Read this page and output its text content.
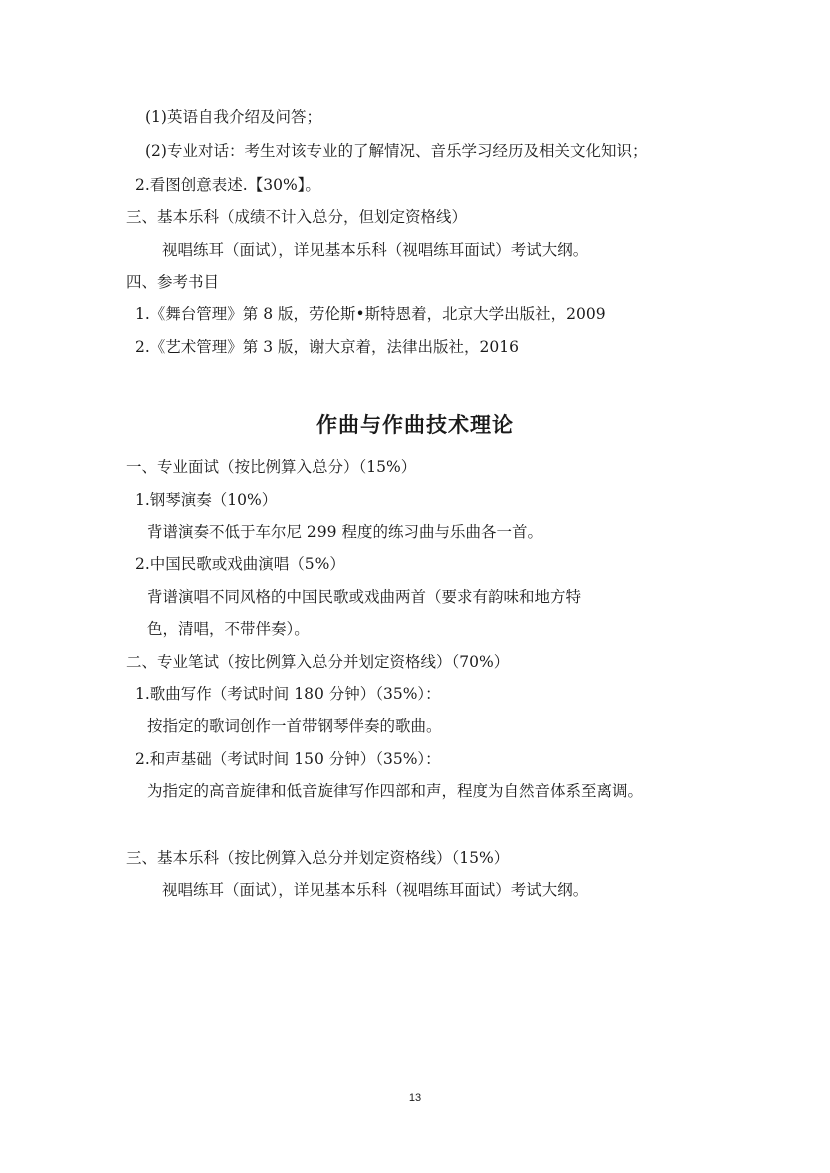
(1)英语自我介绍及问答；
(2)专业对话：考生对该专业的了解情况、音乐学习经历及相关文化知识；
2.看图创意表述.【30%】。
三、基本乐科（成绩不计入总分，但划定资格线）
视唱练耳（面试），详见基本乐科（视唱练耳面试）考试大纲。
四、参考书目
1.《舞台管理》第 8 版，劳伦斯•斯特恩着，北京大学出版社，2009
2.《艺术管理》第 3 版，谢大京着，法律出版社，2016
作曲与作曲技术理论
一、专业面试（按比例算入总分）（15%）
1.钢琴演奏（10%）
背谱演奏不低于车尔尼 299 程度的练习曲与乐曲各一首。
2.中国民歌或戏曲演唱（5%）
背谱演唱不同风格的中国民歌或戏曲两首（要求有韵味和地方特
色，清唱，不带伴奏）。
二、专业笔试（按比例算入总分并划定资格线）（70%）
1.歌曲写作（考试时间 180 分钟）（35%）：
按指定的歌词创作一首带钢琴伴奏的歌曲。
2.和声基础（考试时间 150 分钟）（35%）：
为指定的高音旋律和低音旋律写作四部和声，程度为自然音体系至离调。
三、基本乐科（按比例算入总分并划定资格线）（15%）
视唱练耳（面试），详见基本乐科（视唱练耳面试）考试大纲。
13
